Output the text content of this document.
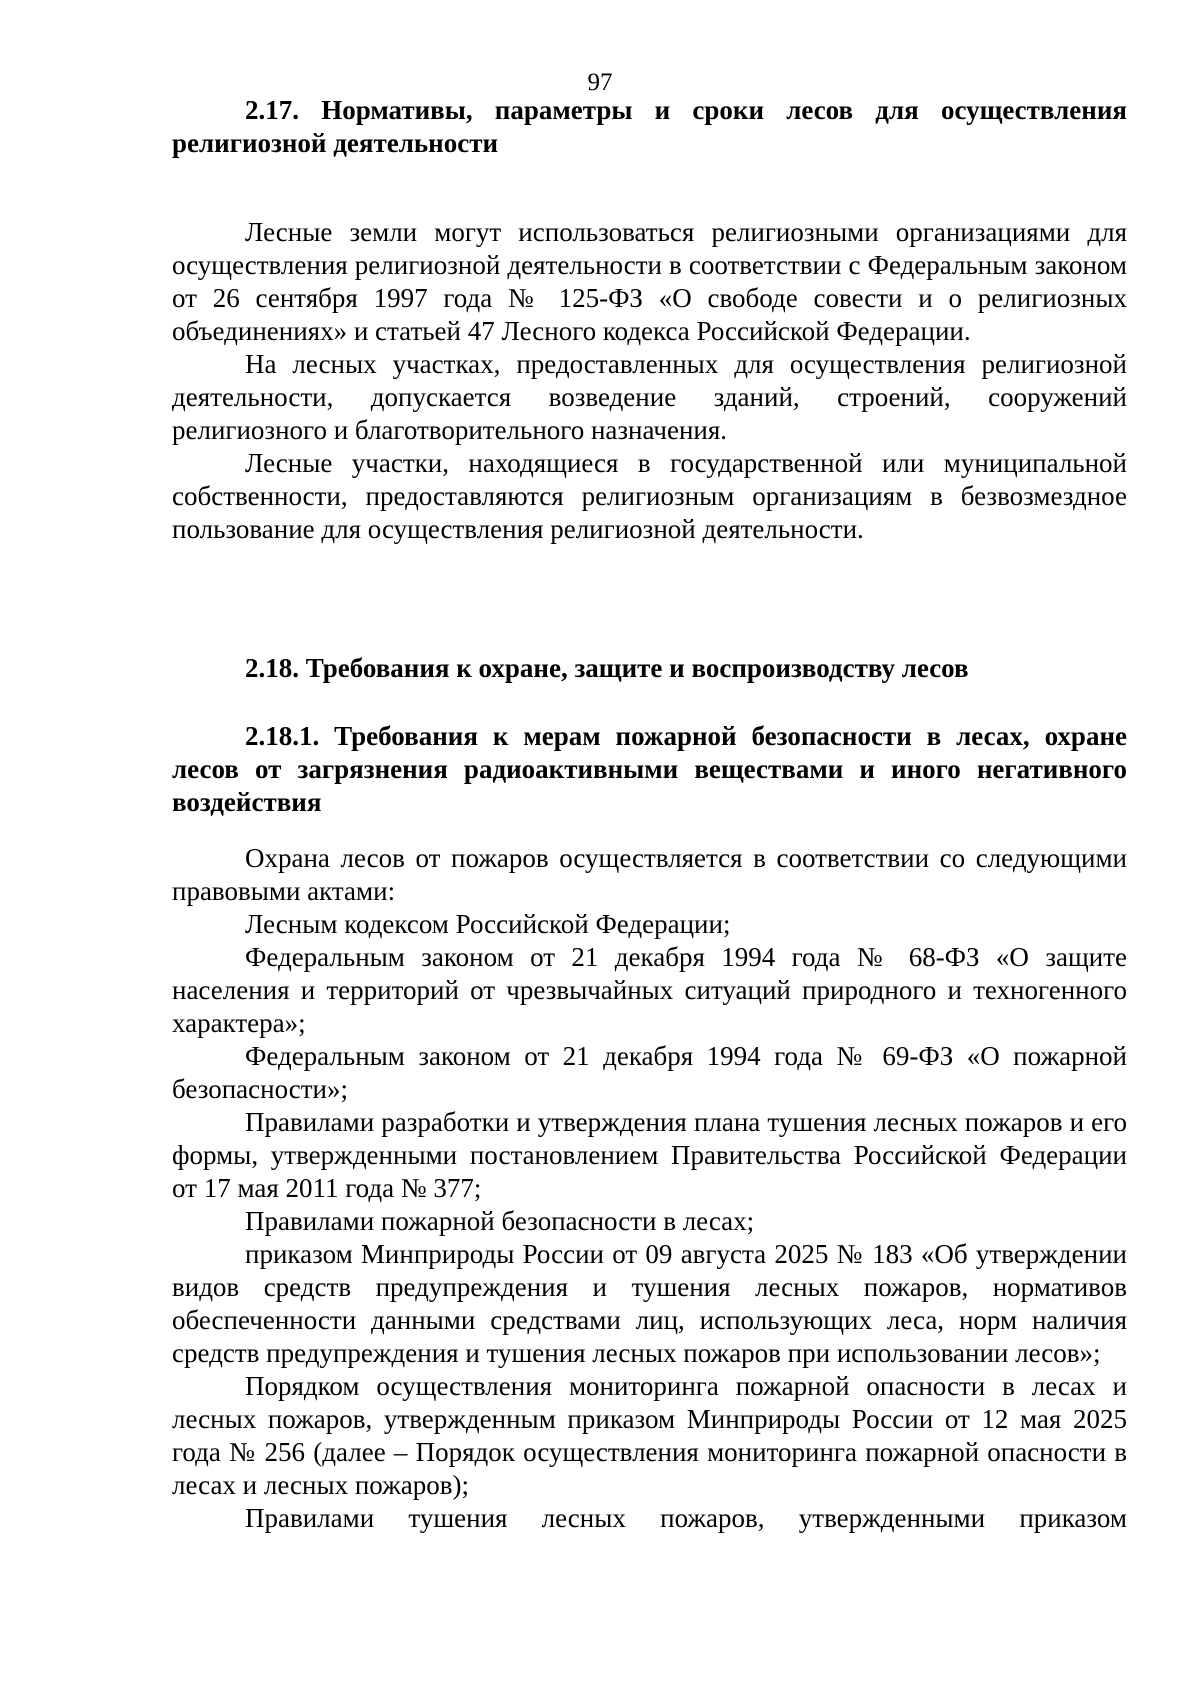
97
2.17. Нормативы, параметры и сроки лесов для осуществления религиозной деятельности

Лесные земли могут использоваться религиозными организациями для осуществления религиозной деятельности в соответствии с Федеральным законом от 26 сентября 1997 года № 125-ФЗ «О свободе совести и о религиозных объединениях» и статьей 47 Лесного кодекса Российской Федерации.

На лесных участках, предоставленных для осуществления религиозной деятельности, допускается возведение зданий, строений, сооружений религиозного и благотворительного назначения.

Лесные участки, находящиеся в государственной или муниципальной собственности, предоставляются религиозным организациям в безвозмездное пользование для осуществления религиозной деятельности.

2.18. Требования к охране, защите и воспроизводству лесов
2.18.1. Требования к мерам пожарной безопасности в лесах, охране лесов от загрязнения радиоактивными веществами и иного негативного воздействия

Охрана лесов от пожаров осуществляется в соответствии со следующими правовыми актами:

Лесным кодексом Российской Федерации;

Федеральным законом от 21 декабря 1994 года № 68-ФЗ «О защите населения и территорий от чрезвычайных ситуаций природного и техногенного характера»;

Федеральным законом от 21 декабря 1994 года № 69-ФЗ «О пожарной безопасности»;

Правилами разработки и утверждения плана тушения лесных пожаров и его формы, утвержденными постановлением Правительства Российской Федерации от 17 мая 2011 года № 377;

Правилами пожарной безопасности в лесах;

приказом Минприроды России от 09 августа 2025 № 183 «Об утверждении видов средств предупреждения и тушения лесных пожаров, нормативов обеспеченности данными средствами лиц, использующих леса, норм наличия средств предупреждения и тушения лесных пожаров при использовании лесов»;

Порядком осуществления мониторинга пожарной опасности в лесах и лесных пожаров, утвержденным приказом Минприроды России от 12 мая 2025 года № 256 (далее – Порядок осуществления мониторинга пожарной опасности в лесах и лесных пожаров);

Правилами тушения лесных пожаров, утвержденными приказом
